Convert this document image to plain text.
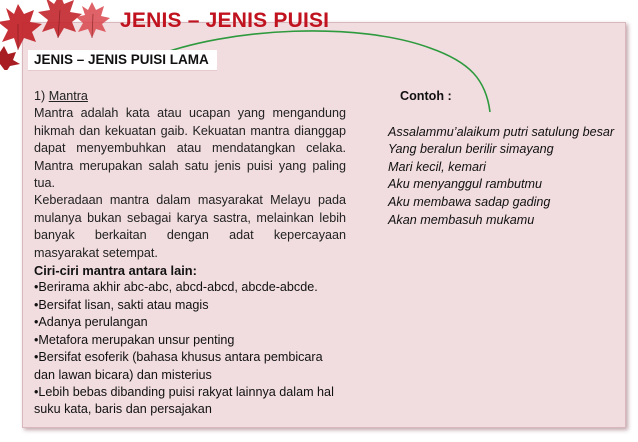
JENIS – JENIS PUISI
JENIS – JENIS PUISI LAMA
1) Mantra
Mantra adalah kata atau ucapan yang mengandung hikmah dan kekuatan gaib. Kekuatan mantra dianggap dapat menyembuhkan atau mendatangkan celaka. Mantra merupakan salah satu jenis puisi yang paling tua.
Keberadaan mantra dalam masyarakat Melayu pada mulanya bukan sebagai karya sastra, melainkan lebih banyak berkaitan dengan adat kepercayaan masyarakat setempat.
Ciri-ciri mantra antara lain:
•Berirama akhir abc-abc, abcd-abcd, abcde-abcde.
•Bersifat lisan, sakti atau magis
•Adanya perulangan
•Metafora merupakan unsur penting
•Bersifat esoferik (bahasa khusus antara pembicara dan lawan bicara) dan misterius
•Lebih bebas dibanding puisi rakyat lainnya dalam hal suku kata, baris dan persajakan
Contoh :
Assalammu’alaikum putri satulung besar
Yang beralun berilir simayang
Mari kecil, kemari
Aku menyanggul rambutmu
Aku membawa sadap gading
Akan membasuh mukamu
